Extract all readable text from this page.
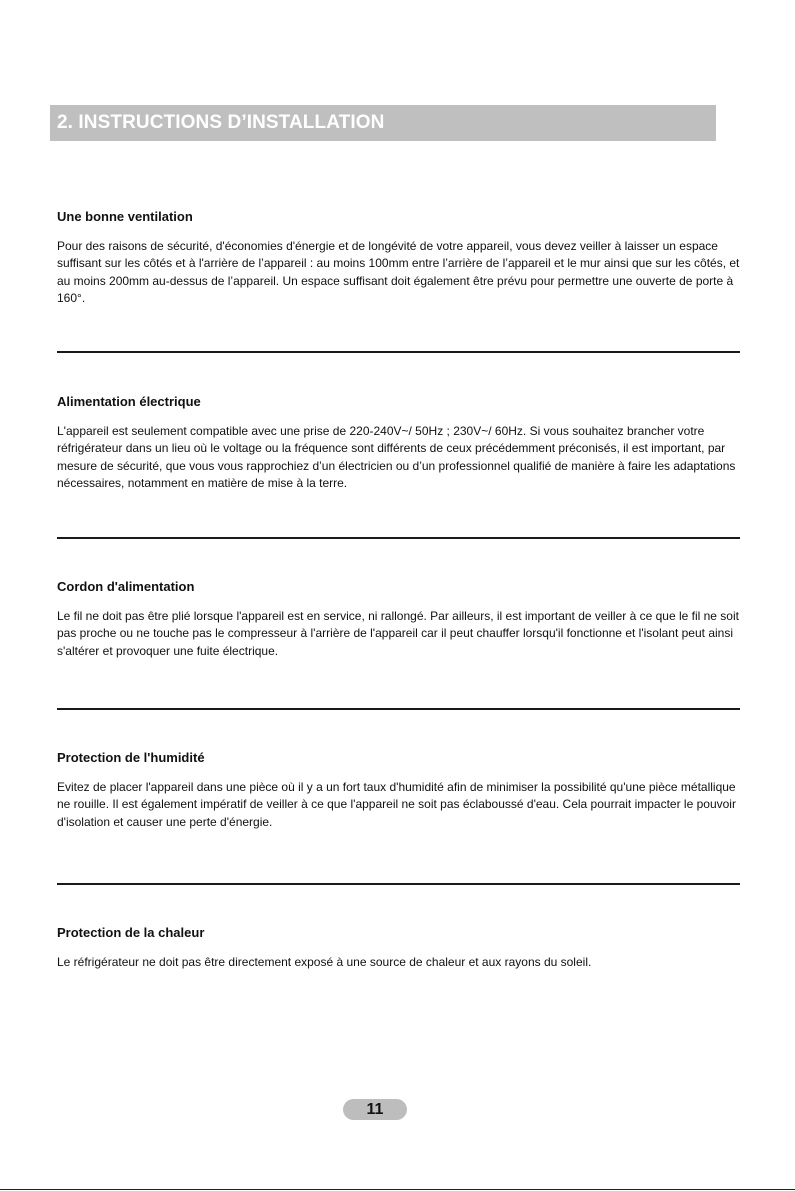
2. INSTRUCTIONS D’INSTALLATION
Une bonne ventilation

Pour des raisons de sécurité, d'économies d'énergie et de longévité de votre appareil, vous devez veiller à laisser un espace suffisant sur les côtés et à l'arrière de l’appareil : au moins 100mm entre l’arrière de l’appareil et le mur ainsi que sur les côtés, et au moins 200mm au-dessus de l’appareil. Un espace suffisant doit également être prévu pour permettre une ouverte de porte à 160°.

Alimentation électrique

L'appareil est seulement compatible avec une prise de 220-240V~/ 50Hz ; 230V~/ 60Hz. Si vous souhaitez brancher votre réfrigérateur dans un lieu où le voltage ou la fréquence sont différents de ceux précédemment préconisés, il est important, par mesure de sécurité, que vous vous rapprochiez d’un électricien ou d’un professionnel qualifié de manière à faire les adaptations nécessaires, notamment en matière de mise à la terre.

Cordon d'alimentation

Le fil ne doit pas être plié lorsque l'appareil est en service, ni rallongé. Par ailleurs, il est important de veiller à ce que le fil ne soit pas proche ou ne touche pas le compresseur à l'arrière de l'appareil car il peut chauffer lorsqu'il fonctionne et l'isolant peut ainsi s'altérer et provoquer une fuite électrique.

Protection de l'humidité

Evitez de placer l'appareil dans une pièce où il y a un fort taux d'humidité afin de minimiser la possibilité qu'une pièce métallique ne rouille. Il est également impératif de veiller à ce que l'appareil ne soit pas éclaboussé d'eau. Cela pourrait impacter le pouvoir d'isolation et causer une perte d'énergie.

Protection de la chaleur

Le réfrigérateur ne doit pas être directement exposé à une source de chaleur et aux rayons du soleil.

11
